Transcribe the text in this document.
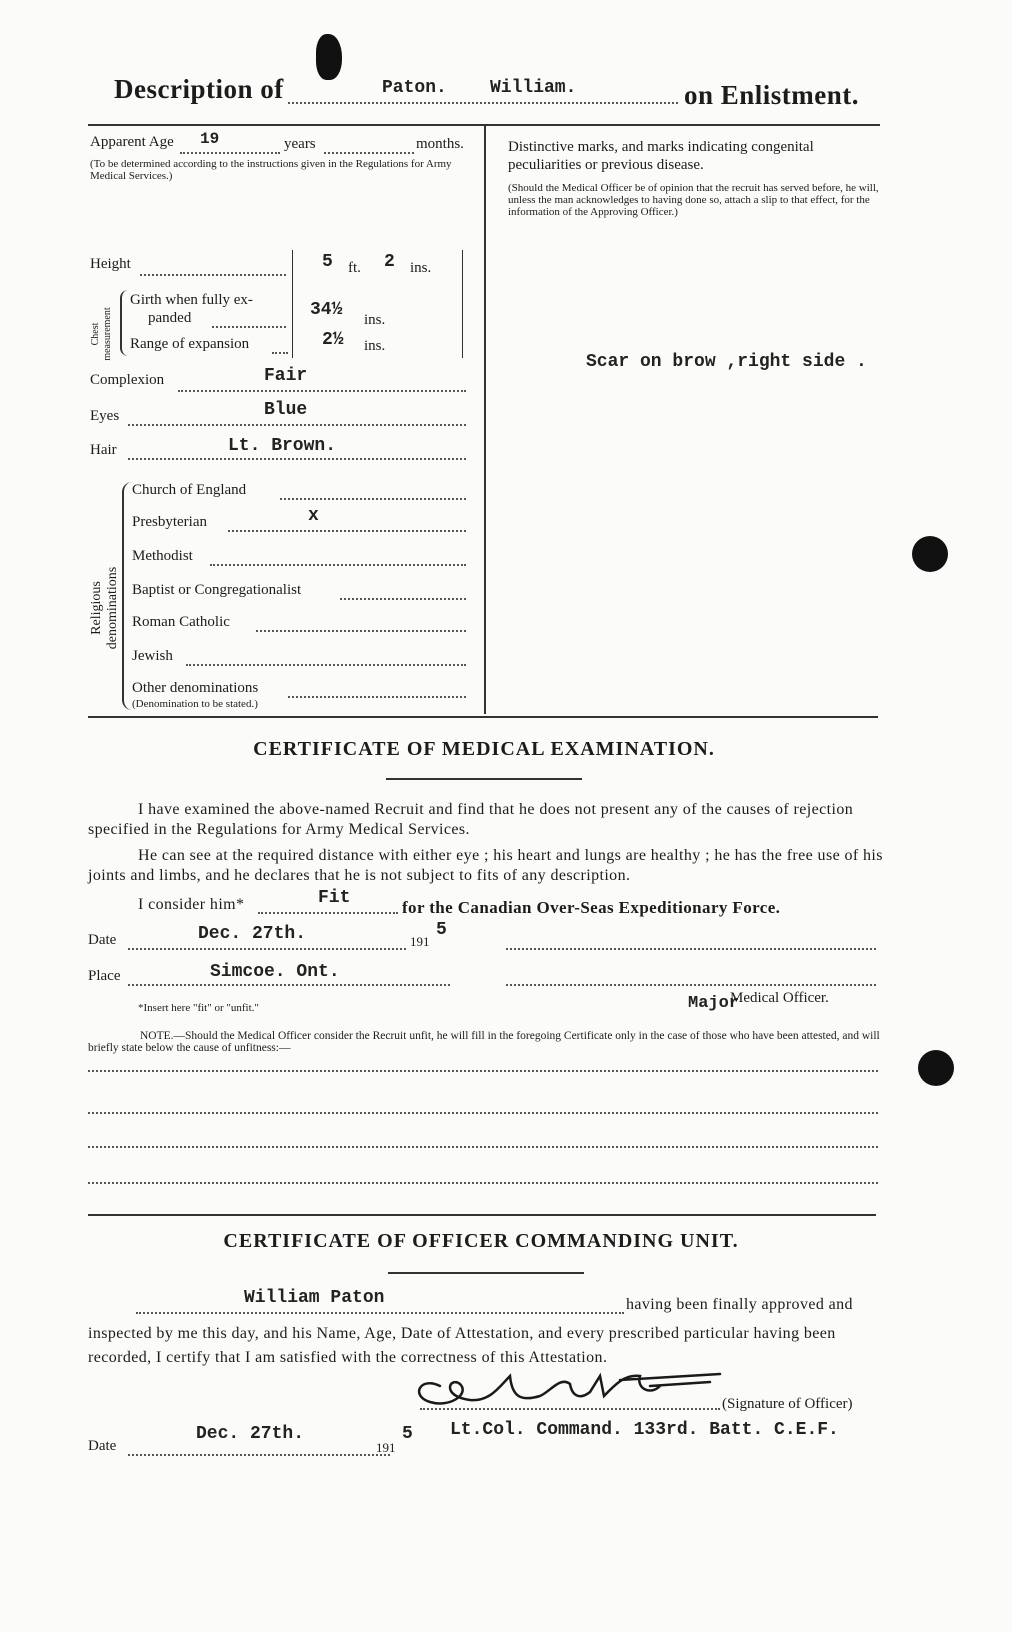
Description of	Paton. William.	on Enlistment.
Apparent Age 19	years	months.
(To be determined according to the instructions given in the Regulations for Army Medical Services.)
Height	5 ft. 2 ins.
Chest measurement
Girth when fully ex-
panded	34½ ins.
Range of expansion	2½ ins.
Complexion	Fair
Eyes	Blue
Hair	Lt. Brown.
Religious denominations
Church of England
Presbyterian	x
Methodist
Baptist or Congregationalist
Roman Catholic
Jewish
Other denominations
(Denomination to be stated.)
Distinctive marks, and marks indicating congenital peculiarities or previous disease.
(Should the Medical Officer be of opinion that the recruit has served before, he will, unless the man acknowledges to having done so, attach a slip to that effect, for the information of the Approving Officer.)
Scar on brow ,right side .
CERTIFICATE OF MEDICAL EXAMINATION.
I have examined the above-named Recruit and find that he does not present any of the causes of rejection specified in the Regulations for Army Medical Services.
He can see at the required distance with either eye ; his heart and lungs are healthy ; he has the free use of his joints and limbs, and he declares that he is not subject to fits of any description.
I consider him*	Fit	for the Canadian Over-Seas Expeditionary Force.
Date	Dec. 27th.	191
5
Place	Simcoe. Ont.
*Insert here "fit" or "unfit."	Major
Medical Officer.
NOTE.—Should the Medical Officer consider the Recruit unfit, he will fill in the foregoing Certificate only in the case of those who have been attested, and will briefly state below the cause of unfitness:—
CERTIFICATE OF OFFICER COMMANDING UNIT.
William Paton	having been finally approved and
inspected by me this day, and his Name, Age, Date of Attestation, and every prescribed particular having been recorded, I certify that I am satisfied with the correctness of this Attestation.
(Signature of Officer)
Date
Dec. 27th.
191
5 Lt.Col. Command. 133rd. Batt. C.E.F.
